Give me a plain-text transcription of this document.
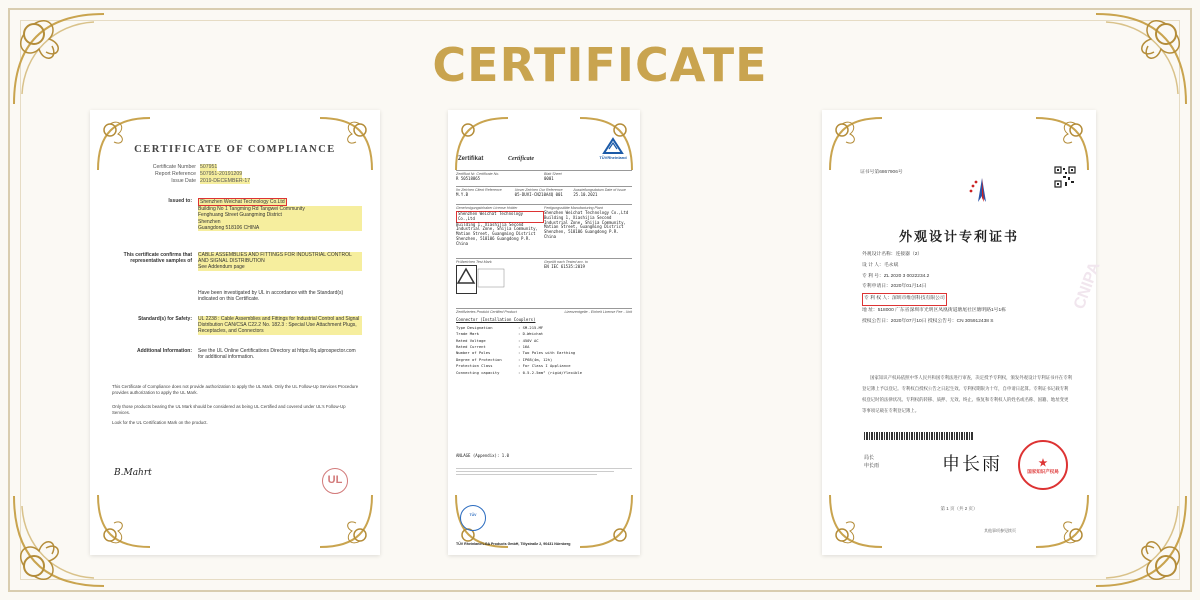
CERTIFICATE
CERTIFICATE OF COMPLIANCE
Certificate Number 507951
Report Reference 507951-20191209
Issue Date 2019-DECEMBER-17
Issued to:	Shenzhen Weichat Technology Co.Ltd
Building No 1 Tangming Rd Tangwei Community
Fenghuang Street Guangming District
Shenzhen
Guangdong 518106 CHINA
This certificate confirms that representative samples of
CABLE ASSEMBLIES AND FITTINGS FOR INDUSTRIAL CONTROL AND SIGNAL DISTRIBUTION
See Addendum page
Have been investigated by UL in accordance with the Standard(s) indicated on this Certificate.
Standard(s) for Safety:	UL 2238 : Cable Assemblies and Fittings for Industrial Control and Signal Distribution CAN/CSA C22.2 No. 182.3 : Special Use Attachment Plugs, Receptacles, and Connectors
Additional Information:	See the UL Online Certifications Directory at https://iq.ulprospector.com for additional information.
This Certificate of Compliance does not provide authorization to apply the UL Mark. Only the UL Follow-Up Services Procedure provides authorization to apply the UL Mark.
Only those products bearing the UL Mark should be considered as being UL Certified and covered under UL's Follow-Up Services.
Look for the UL Certification Mark on the product.
B.Mahrt
UL
Zertifikat	Certificate	TÜVRheinland
Zertifikat Nr. Certificate No.
R 50518865
Blatt Sheet
0001
Ihr Zeichen Client Reference
M.Y.B
Unser Zeichen Our Reference
05-DUVI-CN210A4Q 001
Ausstellungsdatum Date of Issue
25.10.2021
Genehmigungsinhaber License Holder
Shenzhen Weichat Technology Co.,Ltd
Building 1, Xiashijia Second Industrial Zone, Shijia Community, Matian Street, Guangming District Shenzhen, 518106 Guangdong P.R. China
Fertigungsstätte Manufacturing Plant
Shenzhen Weichat Technology Co.,Ltd Building 1, Xiashijia Second Industrial Zone, Shijia Community, Matian Street, Guangming District Shenzhen, 518106 Guangdong P.R. China
Prüfzeichen Test Mark	Geprüft nach Tested acc. to
EN IEC 61535:2019
Zertifiziertes Produkt Certified Product	Lizenzentgelte - Einheit License Fee - Unit
Connector (Installation Couplers)
Type Designation	: SM-215-MF
Trade Mark	: D-Weichat
Rated Voltage	: 450V AC
Rated Current	: 16A
Number of Poles	: Two Poles with Earthing
Degree of Protection	: IP68(4m, 12h)
Protection Class	: For Class I Appliance
Connecting capacity	: 0.5-2.5mm² (rigid/flexible
ANLAGE (Appendix): 1.0
TÜV
TÜV Rheinland LGA Products GmbH, Tillystraße 2, 90431 Nürnberg
CNIPA
证书号第6867906号
外观设计专利证书
外观设计名称：连接器（2）
设 计 人：毛永斌
专 利 号：ZL 2020 3 0022234.2
专利申请日：2020年01月14日
专 利 权 人：深圳市维创科技有限公司
地 址：518000 广东省深圳市光明区凤凰街道塘尾社区塘明路1号1栋
授权公告日：2020年07月10日 授权公告号：CN 305912438 S
国家知识产权局依照中华人民共和国专利法进行审查，决定授予专利权，颁发外观设计专利证书并在专利登记簿上予以登记。专利权自授权公告之日起生效。专利权期限为十年，自申请日起算。专利证书记载专利权登记时的法律状况。专利权的转移、质押、无效、终止、恢复和专利权人的姓名或名称、国籍、地址变更等事项记载在专利登记簿上。
局长
申长雨	申长雨	★
国家知识产权局
第 1 页（共 2 页）
其他事项参见续页
